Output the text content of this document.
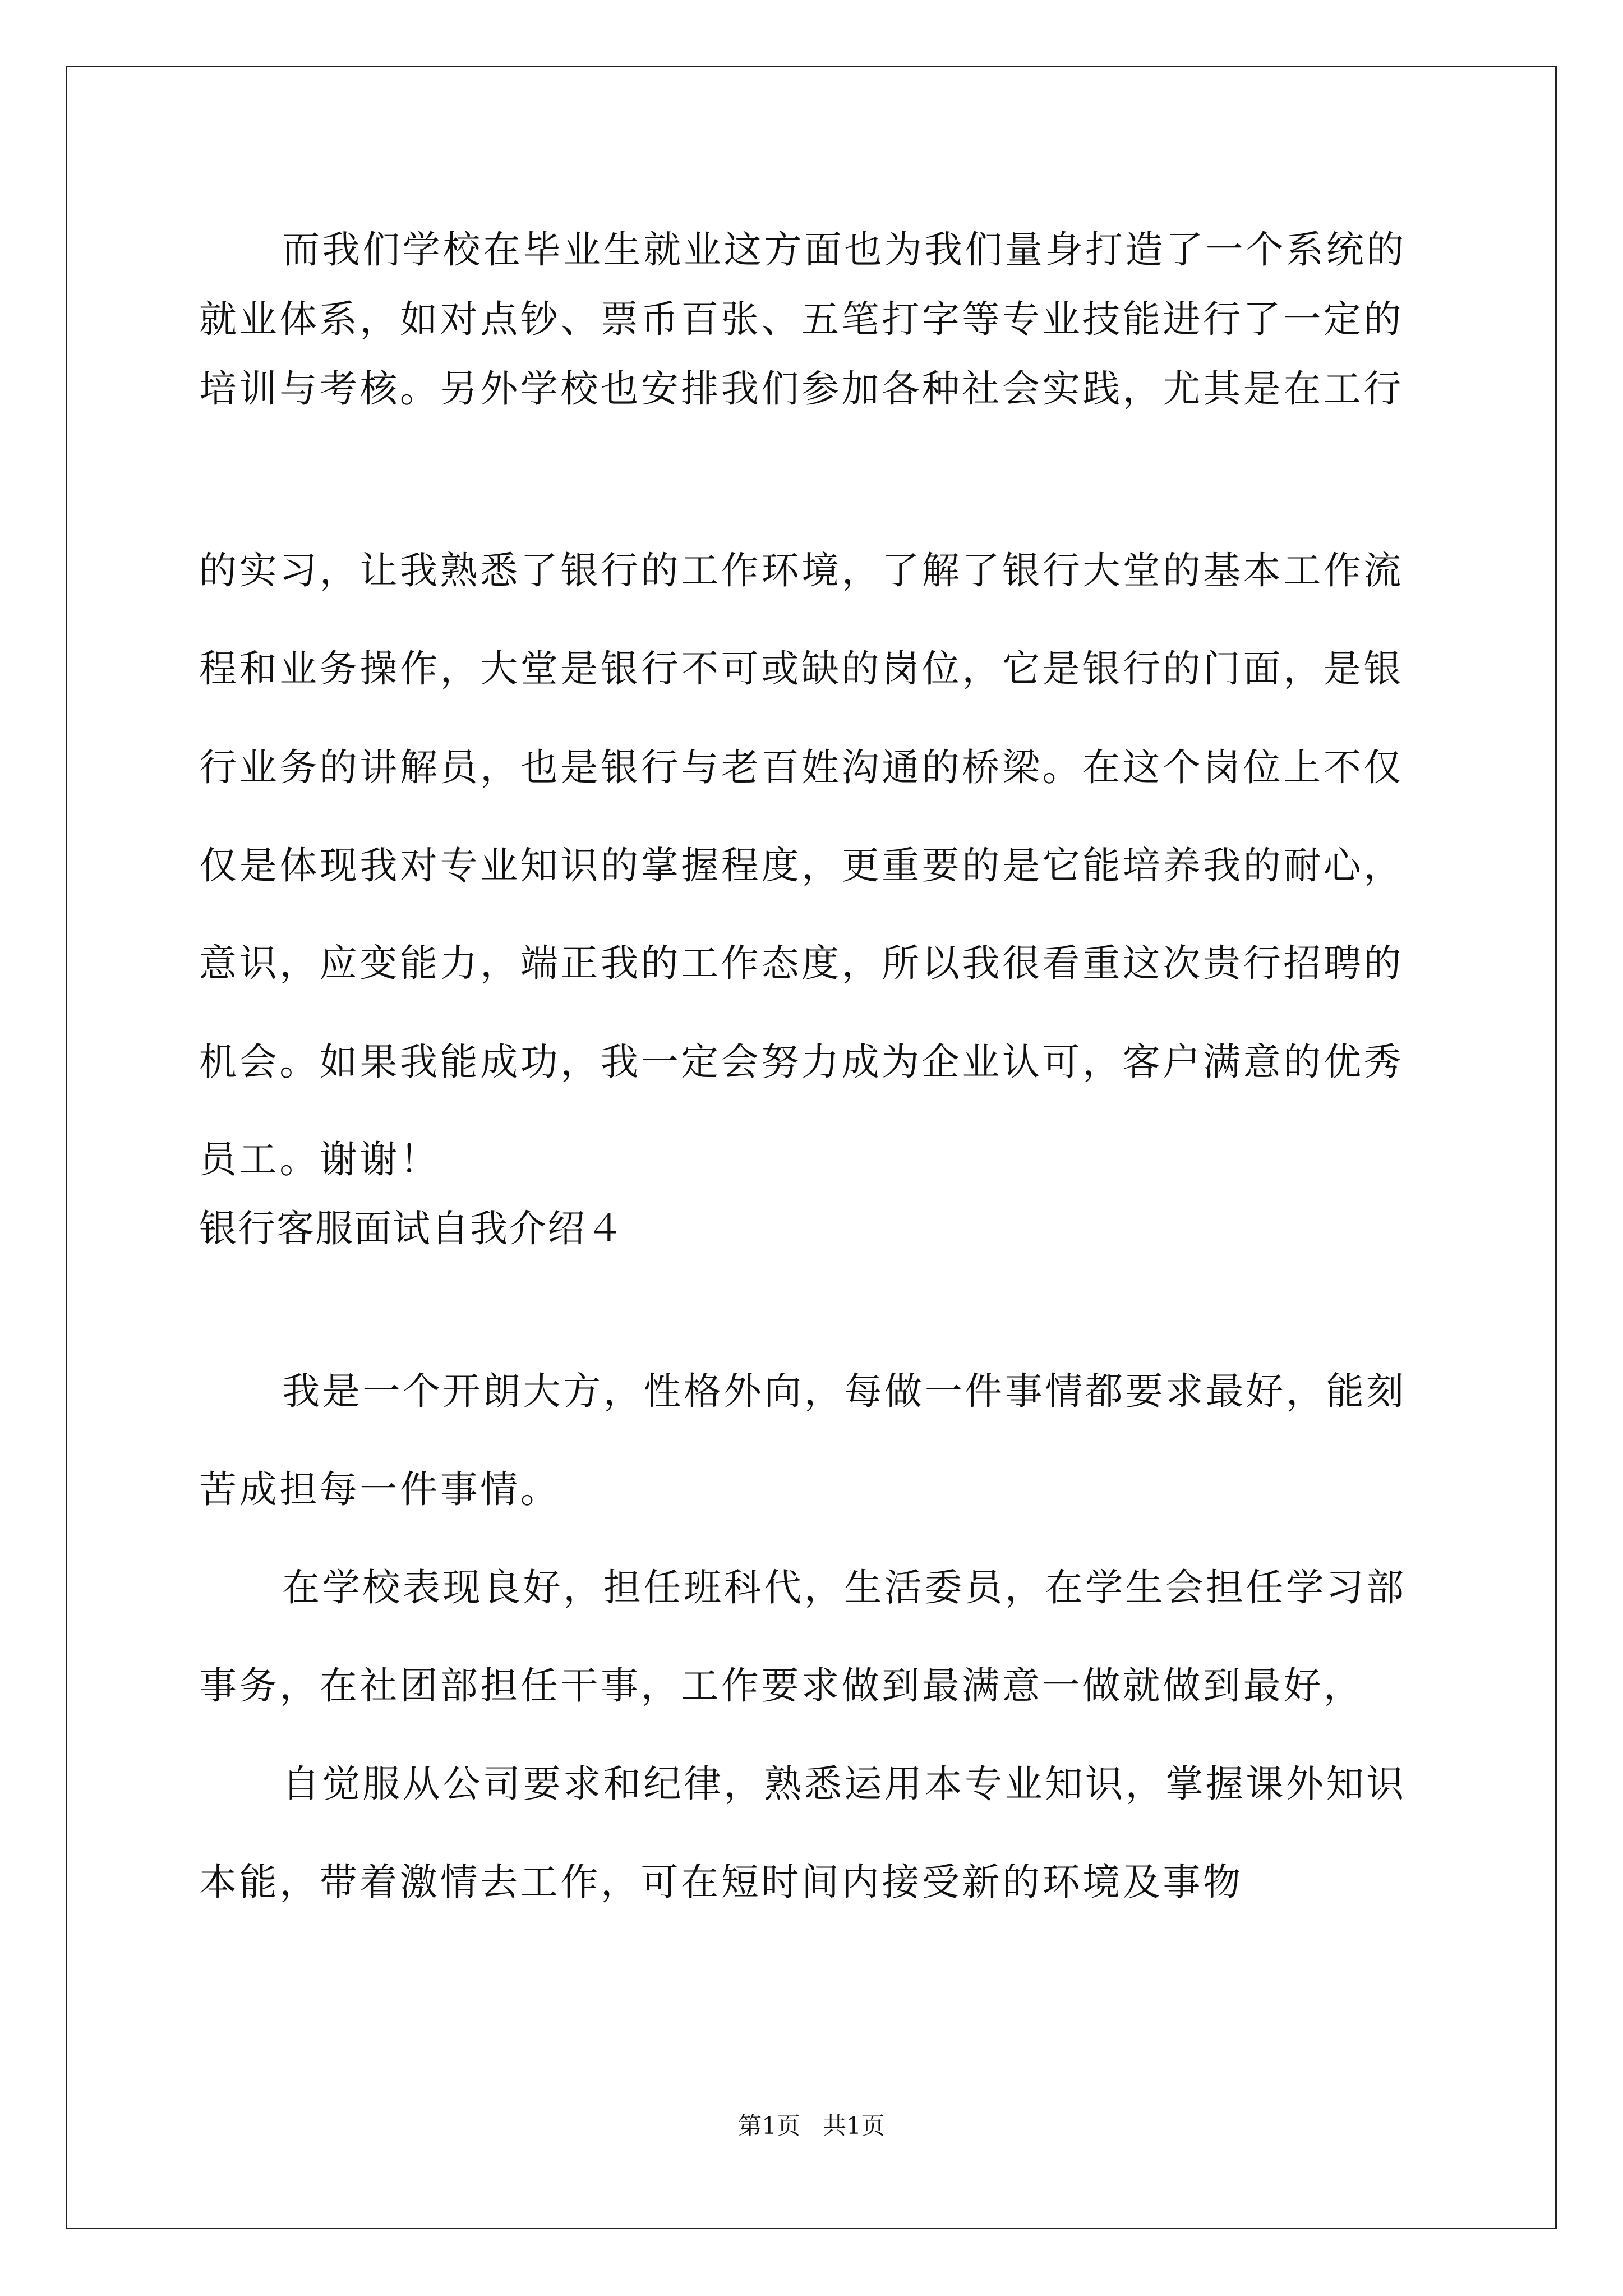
而我们学校在毕业生就业这方面也为我们量身打造了一个系统的

就业体系，如对点钞、票币百张、五笔打字等专业技能进行了一定的

培训与考核。另外学校也安排我们参加各种社会实践，尤其是在工行

的实习，让我熟悉了银行的工作环境，了解了银行大堂的基本工作流

程和业务操作，大堂是银行不可或缺的岗位，它是银行的门面，是银

行业务的讲解员，也是银行与老百姓沟通的桥梁。在这个岗位上不仅

仅是体现我对专业知识的掌握程度，更重要的是它能培养我的耐心，

意识，应变能力，端正我的工作态度，所以我很看重这次贵行招聘的

机会。如果我能成功，我一定会努力成为企业认可，客户满意的优秀

员工。谢谢！

银行客服面试自我介绍４

我是一个开朗大方，性格外向，每做一件事情都要求最好，能刻

苦成担每一件事情。

在学校表现良好，担任班科代，生活委员，在学生会担任学习部

事务，在社团部担任干事，工作要求做到最满意一做就做到最好，

自觉服从公司要求和纪律，熟悉运用本专业知识，掌握课外知识

本能，带着激情去工作，可在短时间内接受新的环境及事物

第1页   共1页
